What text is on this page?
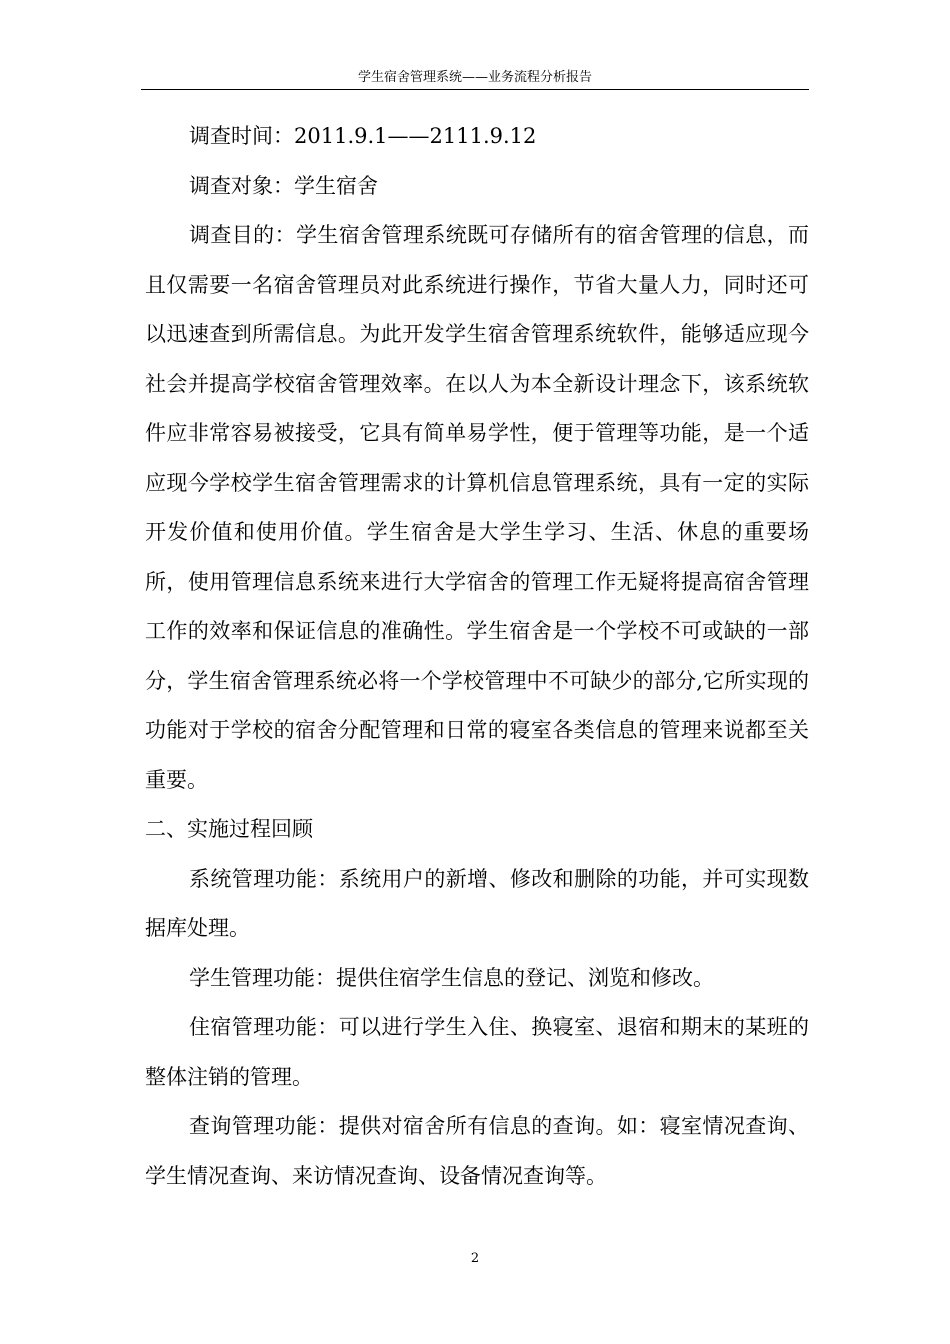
学生宿舍管理系统——业务流程分析报告

调查时间：2011.9.1——2111.9.12

调查对象：学生宿舍

调查目的：学生宿舍管理系统既可存储所有的宿舍管理的信息，而且仅需要一名宿舍管理员对此系统进行操作，节省大量人力，同时还可以迅速查到所需信息。为此开发学生宿舍管理系统软件，能够适应现今社会并提高学校宿舍管理效率。在以人为本全新设计理念下，该系统软件应非常容易被接受，它具有简单易学性，便于管理等功能，是一个适应现今学校学生宿舍管理需求的计算机信息管理系统，具有一定的实际开发价值和使用价值。学生宿舍是大学生学习、生活、休息的重要场所，使用管理信息系统来进行大学宿舍的管理工作无疑将提高宿舍管理工作的效率和保证信息的准确性。学生宿舍是一个学校不可或缺的一部分，学生宿舍管理系统必将一个学校管理中不可缺少的部分,它所实现的功能对于学校的宿舍分配管理和日常的寝室各类信息的管理来说都至关重要。

二、实施过程回顾

系统管理功能：系统用户的新增、修改和删除的功能，并可实现数据库处理。

学生管理功能：提供住宿学生信息的登记、浏览和修改。

住宿管理功能：可以进行学生入住、换寝室、退宿和期末的某班的整体注销的管理。

查询管理功能：提供对宿舍所有信息的查询。如：寝室情况查询、学生情况查询、来访情况查询、设备情况查询等。

2
